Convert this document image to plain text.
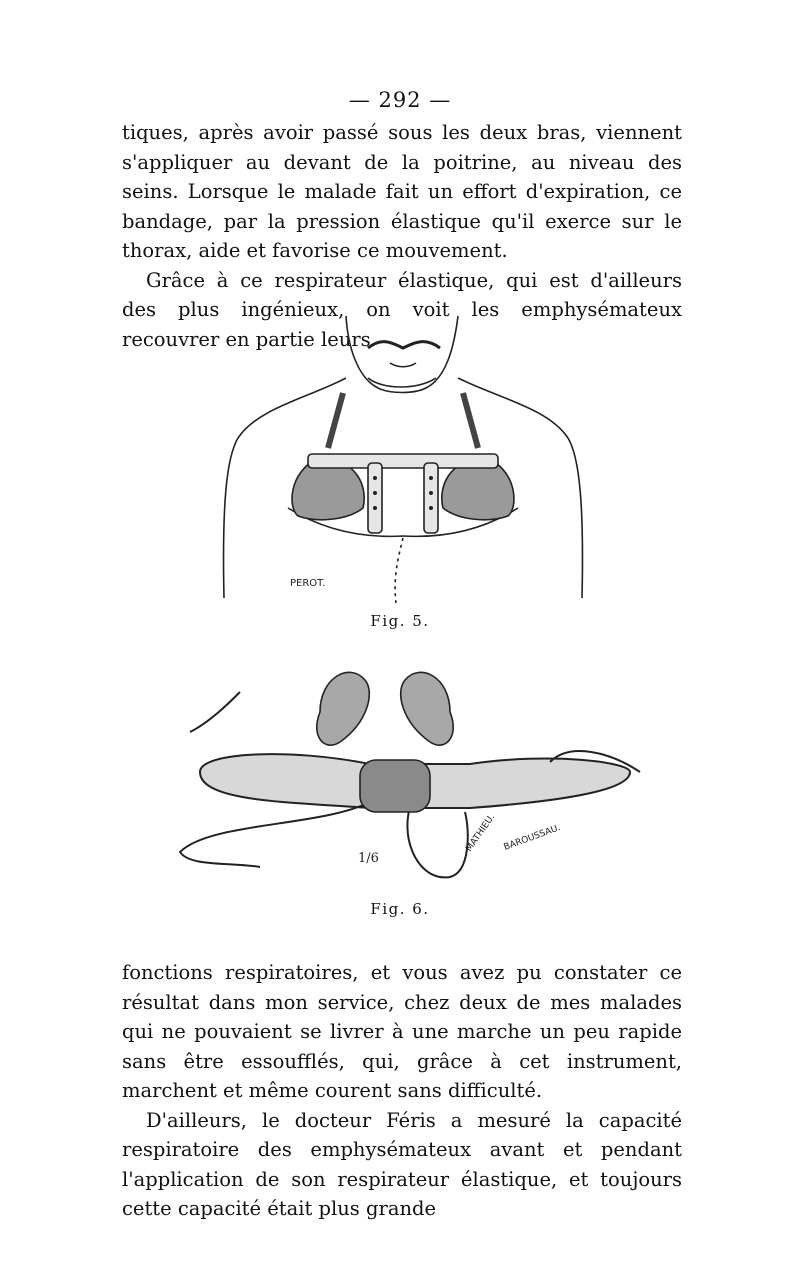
— 292 —

tiques, après avoir passé sous les deux bras, viennent s'appliquer au devant de la poitrine, au niveau des seins. Lorsque le malade fait un effort d'expiration, ce bandage, par la pression élastique qu'il exerce sur le thorax, aide et favorise ce mouvement.

Grâce à ce respirateur élastique, qui est d'ailleurs des plus ingénieux, on voit les emphysémateux recouvrer en partie leurs

PEROT.
Fig. 5.
1/6
MATHIEU. BAROUSSAU.
Fig. 6.

fonctions respiratoires, et vous avez pu constater ce résultat dans mon service, chez deux de mes malades qui ne pouvaient se livrer à une marche un peu rapide sans être essoufflés, qui, grâce à cet instrument, marchent et même courent sans difficulté.

D'ailleurs, le docteur Féris a mesuré la capacité respiratoire des emphysémateux avant et pendant l'application de son respirateur élastique, et toujours cette capacité était plus grande
